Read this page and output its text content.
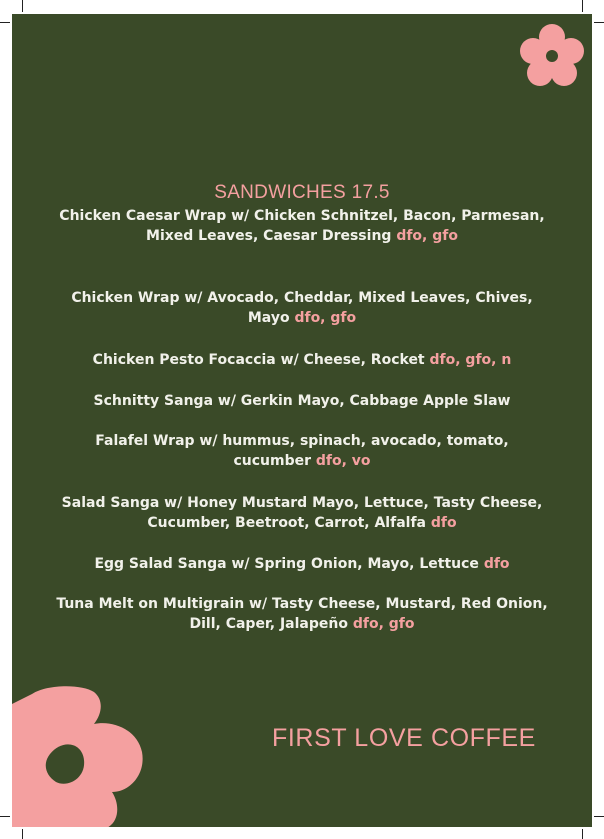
SANDWICHES 17.5
Chicken Caesar Wrap w/ Chicken Schnitzel, Bacon, Parmesan,
Mixed Leaves, Caesar Dressing dfo, gfo
Chicken Wrap w/ Avocado, Cheddar, Mixed Leaves, Chives,
Mayo dfo, gfo
Chicken Pesto Focaccia w/ Cheese, Rocket dfo, gfo, n
Schnitty Sanga w/ Gerkin Mayo, Cabbage Apple Slaw
Falafel Wrap w/ hummus, spinach, avocado, tomato,
cucumber dfo, vo
Salad Sanga w/ Honey Mustard Mayo, Lettuce, Tasty Cheese,
Cucumber, Beetroot, Carrot, Alfalfa dfo
Egg Salad Sanga w/ Spring Onion, Mayo, Lettuce dfo
Tuna Melt on Multigrain w/ Tasty Cheese, Mustard, Red Onion,
Dill, Caper, Jalapeño dfo, gfo
FIRST LOVE COFFEE
